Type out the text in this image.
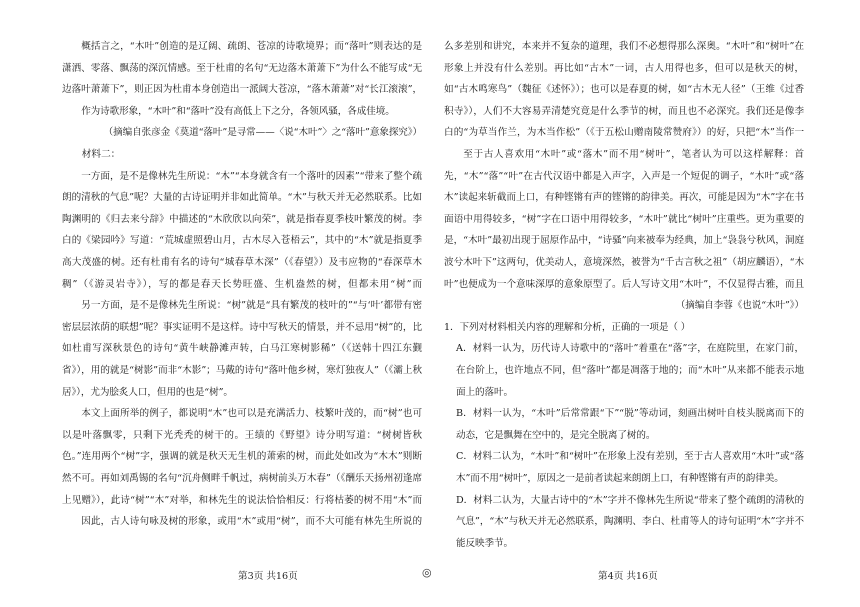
概括言之，“木叶”创造的是辽阔、疏朗、苍凉的诗歌境界；而“落叶”则表达的是潇洒、零落、飘荡的深沉情感。至于杜甫的名句“无边落木萧萧下”为什么不能写成“无边落叶萧萧下”，则正因为杜甫本身创造出一派阔大苍凉，“落木萧萧”对“长江滚滚”，

作为诗歌形象，“木叶”和“落叶”没有高低上下之分，各领风骚，各成佳境。

（摘编自张彦金《莫道“落叶”是寻常——〈说“木叶”〉之“落叶”意象探究》）

材料二：

一方面，是不是像林先生所说：“木”“本身就含有一个落叶的因素”“带来了整个疏朗的清秋的气息”呢？大量的古诗证明并非如此简单。“木”与秋天并无必然联系。比如陶渊明的《归去来兮辞》中描述的“木欣欣以向荣”，就是指春夏季枝叶繁茂的树。李白的《梁园吟》写道：“荒城虚照碧山月，古木尽入苍梧云”，其中的“木”就是指夏季高大茂盛的树。还有杜甫有名的诗句“城春草木深”（《春望》）及韦应物的“春深草木稠”（《游灵岩寺》），写的都是春天长势旺盛、生机盎然的树，但都未用“树”而

另一方面，是不是像林先生所说：“树”就是“具有繁茂的枝叶的”“与‘叶’都带有密密层层浓荫的联想”呢？事实证明不是这样。诗中写秋天的情景，并不忌用“树”的，比如杜甫写深秋景色的诗句“黄牛峡静滩声转，白马江寒树影稀”（《送韩十四江东觐省》），用的就是“树影”而非“木影”；马戴的诗句“落叶他乡树，寒灯独夜人”（《灞上秋居》），尤为脍炙人口，但用的也是“树”。

本文上面所举的例子，都说明“木”也可以是充满活力、枝繁叶茂的，而“树”也可以是叶落飘零，只剩下光秃秃的树干的。王绩的《野望》诗分明写道：“树树皆秋色。”连用两个“树”字，强调的就是秋天无生机的萧索的树，而此处如改为“木木”则断然不可。再如刘禹锡的名句“沉舟侧畔千帆过，病树前头万木春”（《酬乐天扬州初逢席上见赠》），此诗“树”“木”对举，和林先生的说法恰恰相反：行将枯萎的树不用“木”而

因此，古人诗句咏及树的形象，或用“木”或用“树”，而不大可能有林先生所说的

么多差别和讲究，本来并不复杂的道理，我们不必想得那么深奥。“木叶”和“树叶”在形象上并没有什么差别。再比如“古木”一词，古人用得也多，但可以是秋天的树，如“古木鸣寒鸟”（魏征《述怀》）；也可以是春夏的树，如“古木无人径”（王维《过香积寺》），人们不大容易弄清楚究竟是什么季节的树，而且也不必深究。我们还是像李白的“为草当作兰，为木当作松”（《于五松山赠南陵常赞府》）的好，只把“木”当作一

至于古人喜欢用“木叶”或“落木”而不用“树叶”，笔者认为可以这样解释：首先，“木”“落”“叶”在古代汉语中都是入声字，入声是一个短促的调子，“木叶”或“落木”读起来斩截而上口，有种铿锵有声的铿锵的韵律美。再次，可能是因为“木”字在书面语中用得较多，“树”字在口语中用得较多，“木叶”就比“树叶”庄重些。更为重要的是，“木叶”最初出现于屈原作品中，“诗骚”向来被奉为经典，加上“袅袅兮秋风，洞庭波兮木叶下”这两句，优美动人，意境深然，被誉为“千古言秋之祖”（胡应麟语），“木叶”也便成为一个意味深厚的意象原型了。后人写诗文用“木叶”，不仅显得古雅，而且

（摘编自李蓉《也说“木叶”》）

1．下列对材料相关内容的理解和分析，正确的一项是（ ）

A．材料一认为，历代诗人诗歌中的“落叶”着重在“落”字，在庭院里，在家门前，在台阶上，也许地点不同，但“落叶”都是凋落于地的；而“木叶”从来都不能表示地面上的落叶。

B．材料一认为，“木叶”后常常跟“下”“脱”等动词，刻画出树叶自枝头脱离而下的动态，它是飘舞在空中的，是完全脱离了树的。

C．材料二认为，“木叶”和“树叶”在形象上没有差别，至于古人喜欢用“木叶”或“落木”而不用“树叶”，原因之一是前者读起来朗朗上口，有种铿锵有声的韵律美。

D．材料二认为，大量古诗中的“木”字并不像林先生所说“带来了整个疏朗的清秋的气息”，“木”与秋天并无必然联系，陶渊明、李白、杜甫等人的诗句证明“木”字并不能反映季节。

第3页 共16页	◎	第4页 共16页
